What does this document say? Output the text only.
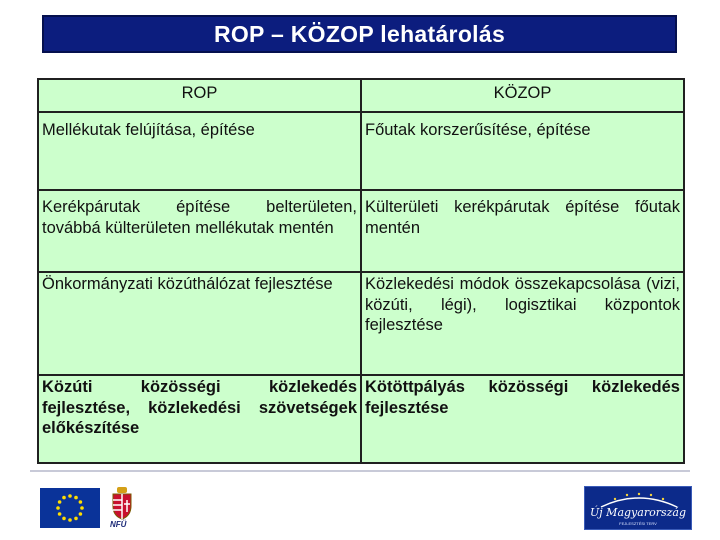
ROP – KÖZOP lehatárolás
ROP	KÖZOP
Mellékutak felújítása, építése	Főutak korszerűsítése, építése
Kerékpárutak építése belterületen, továbbá külterületen mellékutak mentén	Külterületi kerékpárutak építése főutak mentén
Önkormányzati közúthálózat fejlesztése	Közlekedési módok összekapcsolása (vizi, közúti, légi), logisztikai központok fejlesztése
Közúti közösségi közlekedés fejlesztése, közlekedési szövetségek előkészítése	Kötöttpályás közösségi közlekedés fejlesztése
NFÜ
Új Magyarország
FEJLESZTÉSI TERV
